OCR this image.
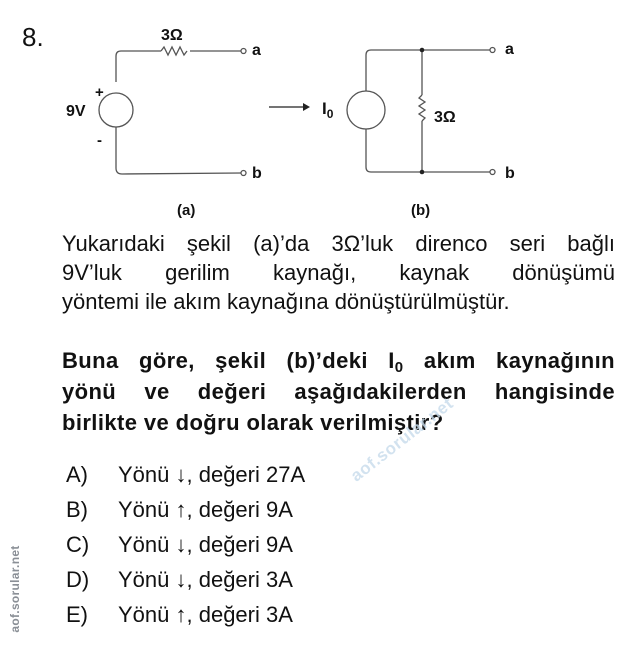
8.	3Ω
9V
+
-
a
b
(a)
$I_0$	3Ω
a
b
(b)
Yukarıdaki şekil (a)’da 3Ω’luk direnco seri bağlı
9V’luk gerilim kaynağı, kaynak dönüşümü
yöntemi ile akım kaynağına dönüştürülmüştür.
Buna göre, şekil (b)’deki $I_0$ akım kaynağının
yönü ve değeri aşağıdakilerden hangisinde
birlikte ve doğru olarak verilmiştir?
A)	Yönü ↓, değeri 27A
B)	Yönü ↑, değeri 9A
C)	Yönü ↓, değeri 9A
D)	Yönü ↓, değeri 3A
E)	Yönü ↑, değeri 3A
aof.sorular.net
aof.sorular.net
